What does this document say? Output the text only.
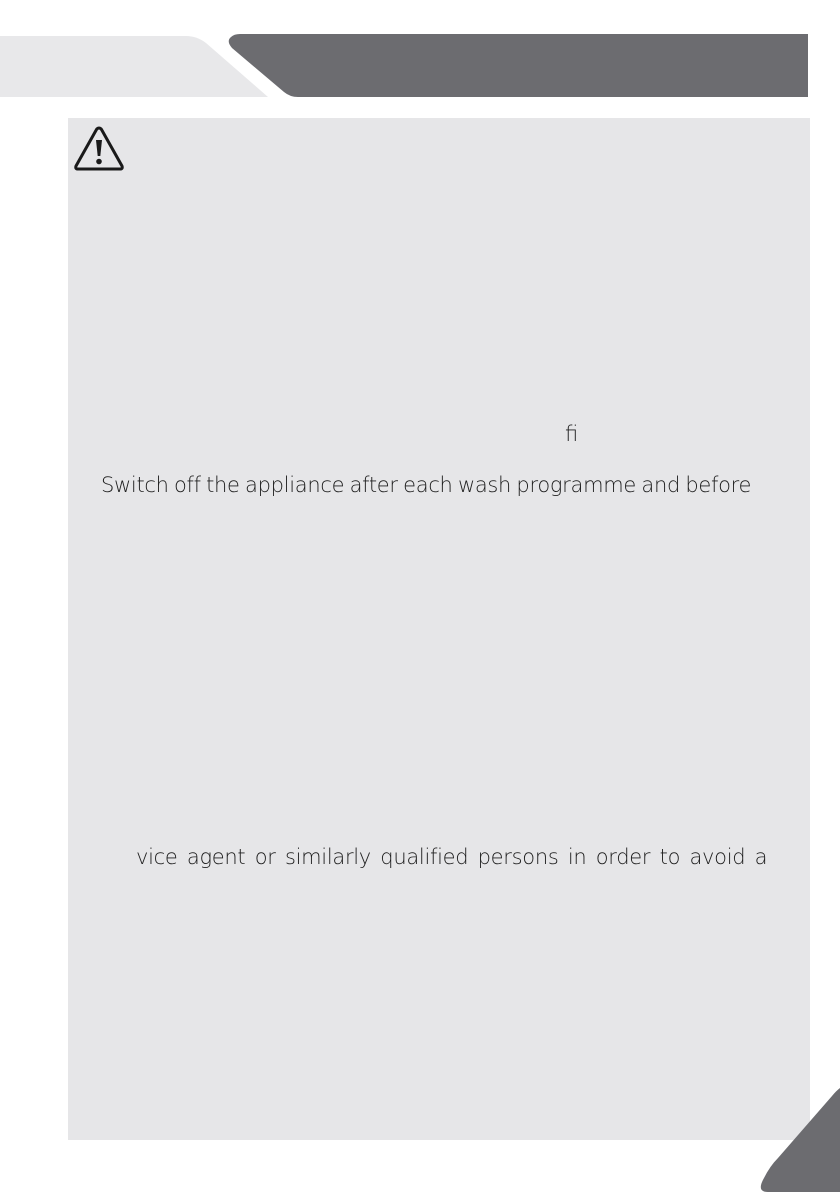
ﬁ

Switch off the appliance after each wash programme and before

vice agent or similarly qualified persons in order to avoid a
